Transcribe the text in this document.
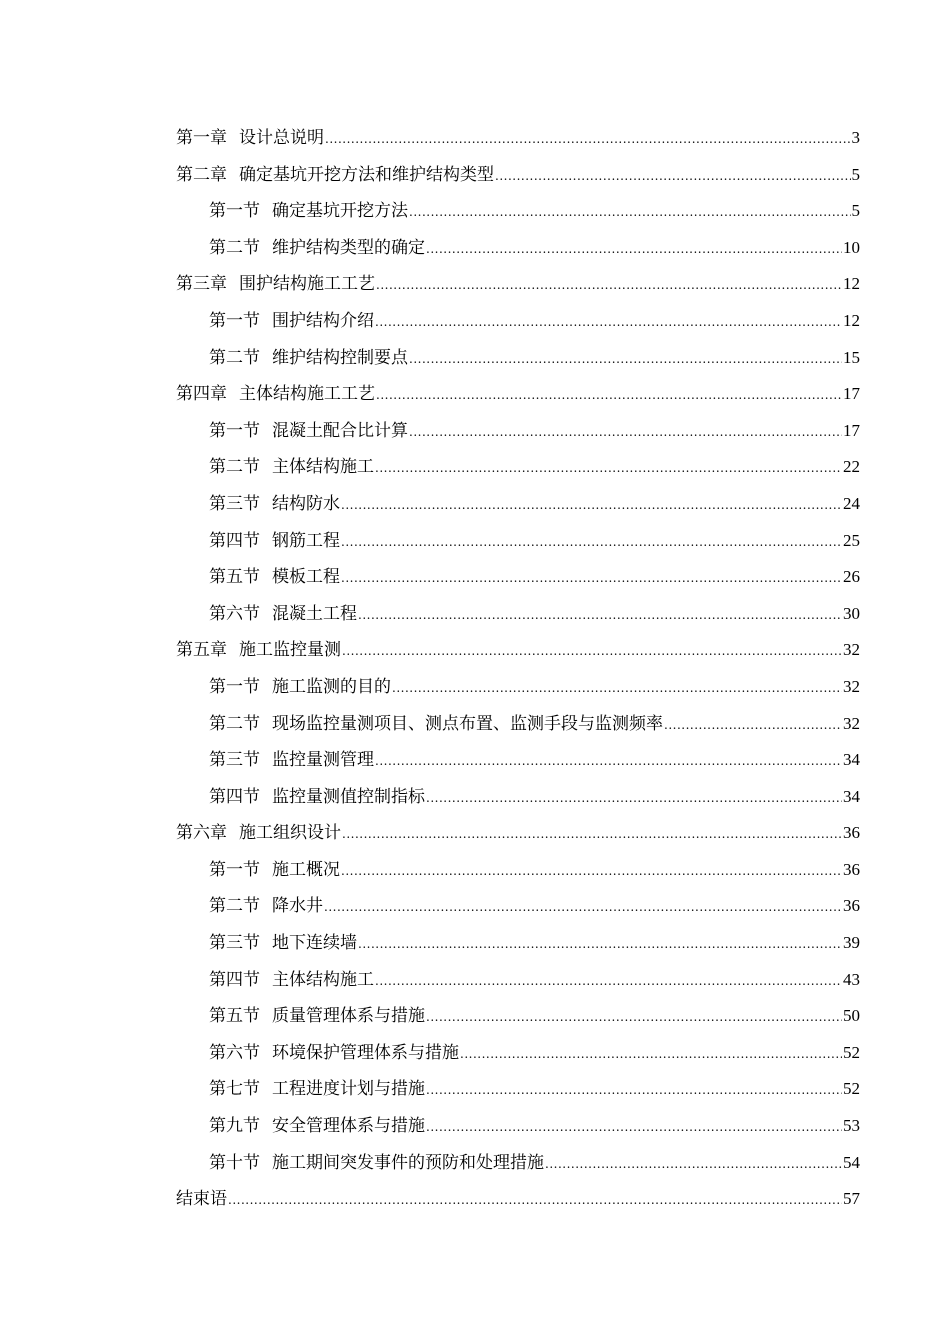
第一章 设计总说明 .....	3
第二章 确定基坑开挖方法和维护结构类型 .....	5
第一节 确定基坑开挖方法 .....	5
第二节 维护结构类型的确定 .....	10
第三章 围护结构施工工艺 .....	12
第一节 围护结构介绍 .....	12
第二节 维护结构控制要点 .....	15
第四章 主体结构施工工艺 .....	17
第一节 混凝土配合比计算 .....	17
第二节 主体结构施工 .....	22
第三节 结构防水 .....	24
第四节 钢筋工程 .....	25
第五节 模板工程 .....	26
第六节 混凝土工程 .....	30
第五章 施工监控量测 .....	32
第一节 施工监测的目的 .....	32
第二节 现场监控量测项目、测点布置、监测手段与监测频率 .....	32
第三节 监控量测管理 .....	34
第四节 监控量测值控制指标 .....	34
第六章 施工组织设计 .....	36
第一节 施工概况 .....	36
第二节 降水井 .....	36
第三节 地下连续墙 .....	39
第四节 主体结构施工 .....	43
第五节 质量管理体系与措施 .....	50
第六节 环境保护管理体系与措施 .....	52
第七节 工程进度计划与措施 .....	52
第九节 安全管理体系与措施 .....	53
第十节 施工期间突发事件的预防和处理措施 .....	54
结束语 .....	57
